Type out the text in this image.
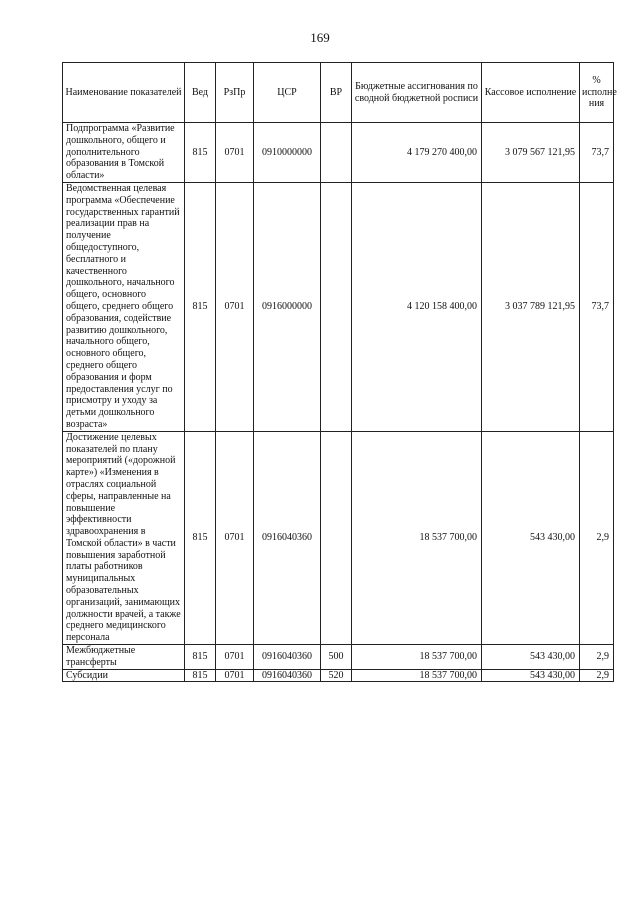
169
Наименование показателей	Вед	РзПр	ЦСР	ВР	Бюджетные ассигнования по сводной бюджетной росписи	Кассовое исполнение	% исполне ния
Подпрограмма «Развитие дошкольного, общего и дополнительного образования в Томской области»	815	0701	0910000000		4 179 270 400,00	3 079 567 121,95	73,7
Ведомственная целевая программа «Обеспечение государственных гарантий реализации прав на получение общедоступного, бесплатного и качественного дошкольного, начального общего, основного общего, среднего общего образования, содействие развитию дошкольного, начального общего, основного общего, среднего общего образования и форм предоставления услуг по присмотру и уходу за детьми дошкольного возраста»	815	0701	0916000000		4 120 158 400,00	3 037 789 121,95	73,7
Достижение целевых показателей по плану мероприятий («дорожной карте») «Изменения в отраслях социальной сферы, направленные на повышение эффективности здравоохранения в Томской области» в части повышения заработной платы работников муниципальных образовательных организаций, занимающих должности врачей, а также среднего медицинского персонала	815	0701	0916040360		18 537 700,00	543 430,00	2,9
Межбюджетные трансферты	815	0701	0916040360	500	18 537 700,00	543 430,00	2,9
Субсидии	815	0701	0916040360	520	18 537 700,00	543 430,00	2,9
